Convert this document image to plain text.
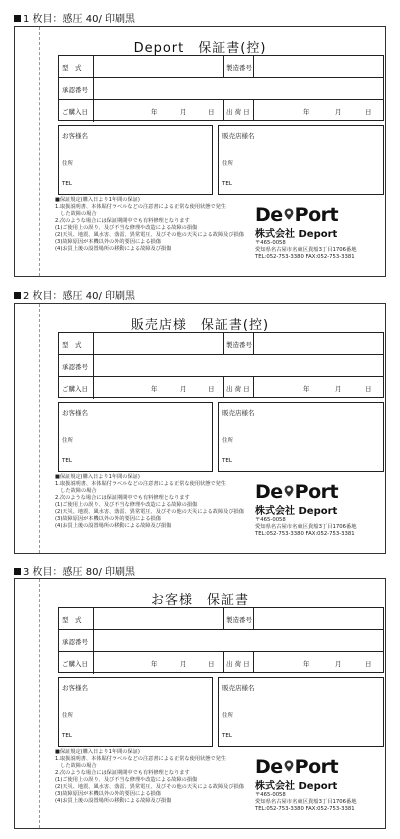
1 枚目：感圧 40/ 印刷黒
Deport　保証書(控)
型　式	製造番号
承認番号
ご購入日	年	月	日 出 荷 日	年	月	日
お客様名
住所
TEL
販売店様名
住所
TEL
■保証規定(購入日より1年間の保証)
1.取扱説明書、本体貼付ラベルなどの注意書による正常な使用状態で発生
　した故障の場合
2.次のような場合には保証期間中でも有料修理となります
(1)ご使用上の誤り、及び不当な修理や改造による故障の損傷
(2)天災、地震、風水害、落雷、異常電圧、及びその他の天災による故障及び損傷
(3)故障原因が本機以外の外的要因による損傷
(4)お買上後の設置場所の移動による故障及び損傷
De Port
株式会社 Deport
〒465-0058
愛知県名古屋市名東区貴船3丁目1706番地
TEL:052-753-3380 FAX:052-753-3381
2 枚目：感圧 40/ 印刷黒
販売店様　保証書(控)
型　式	製造番号
承認番号
ご購入日	年	月	日 出 荷 日	年	月	日
お客様名
住所
TEL
販売店様名
住所
TEL
■保証規定(購入日より1年間の保証)
1.取扱説明書、本体貼付ラベルなどの注意書による正常な使用状態で発生
　した故障の場合
2.次のような場合には保証期間中でも有料修理となります
(1)ご使用上の誤り、及び不当な修理や改造による故障の損傷
(2)天災、地震、風水害、落雷、異常電圧、及びその他の天災による故障及び損傷
(3)故障原因が本機以外の外的要因による損傷
(4)お買上後の設置場所の移動による故障及び損傷
De Port
株式会社 Deport
〒465-0058
愛知県名古屋市名東区貴船3丁目1706番地
TEL:052-753-3380 FAX:052-753-3381
3 枚目：感圧 80/ 印刷黒
お客様　保証書
型　式	製造番号
承認番号
ご購入日	年	月	日 出 荷 日	年	月	日
お客様名
住所
TEL
販売店様名
住所
TEL
■保証規定(購入日より1年間の保証)
1.取扱説明書、本体貼付ラベルなどの注意書による正常な使用状態で発生
　した故障の場合
2.次のような場合には保証期間中でも有料修理となります
(1)ご使用上の誤り、及び不当な修理や改造による故障の損傷
(2)天災、地震、風水害、落雷、異常電圧、及びその他の天災による故障及び損傷
(3)故障原因が本機以外の外的要因による損傷
(4)お買上後の設置場所の移動による故障及び損傷
De Port
株式会社 Deport
〒465-0058
愛知県名古屋市名東区貴船3丁目1706番地
TEL:052-753-3380 FAX:052-753-3381
